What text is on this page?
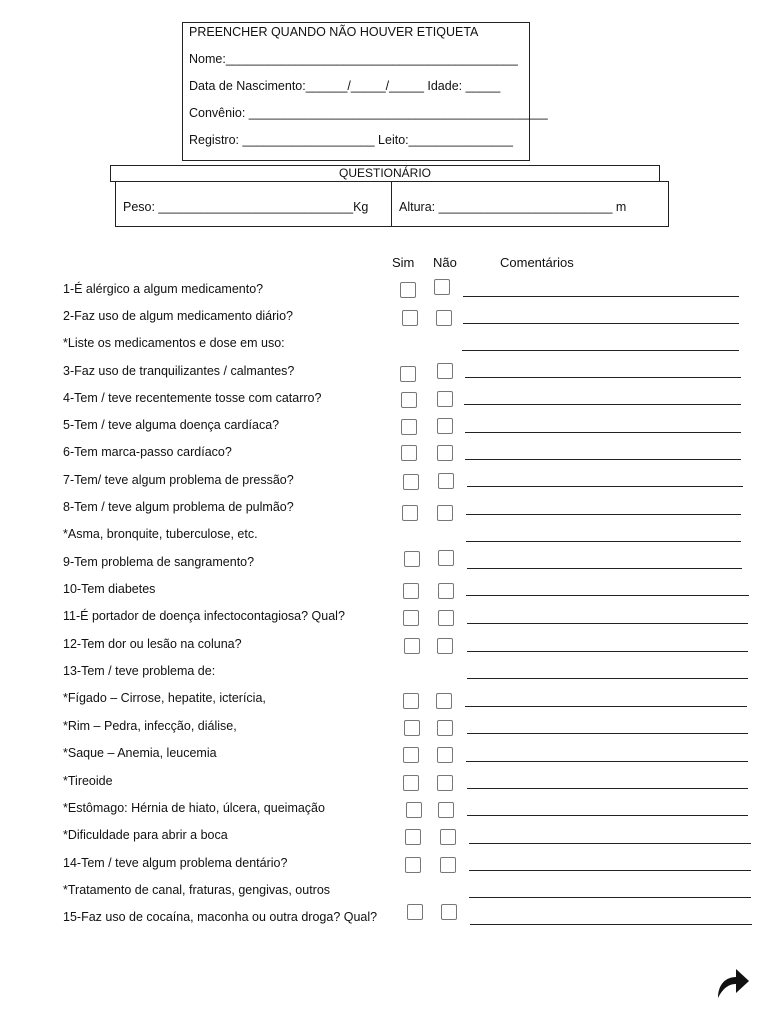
PREENCHER QUANDO NÃO HOUVER ETIQUETA
Nome:__________________________________________
Data de Nascimento:______/_____/_____ Idade: _____
Convênio: ___________________________________________
Registro: ___________________ Leito:_______________
QUESTIONÁRIO
Peso: ____________________________Kg Altura: _________________________ m
Sim Não	Comentários
1-É alérgico a algum medicamento?
2-Faz uso de algum medicamento diário?
*Liste os medicamentos e dose em uso:
3-Faz uso de tranquilizantes / calmantes?
4-Tem / teve recentemente tosse com catarro?
5-Tem / teve alguma doença cardíaca?
6-Tem marca-passo cardíaco?
7-Tem/ teve algum problema de pressão?
8-Tem / teve algum problema de pulmão?
*Asma, bronquite, tuberculose, etc.
9-Tem problema de sangramento?
10-Tem diabetes
11-É portador de doença infectocontagiosa? Qual?
12-Tem dor ou lesão na coluna?
13-Tem / teve problema de:
*Fígado – Cirrose, hepatite, icterícia,
*Rim – Pedra, infecção, diálise,
*Saque – Anemia, leucemia
*Tireoide
*Estômago: Hérnia de hiato, úlcera, queimação
*Dificuldade para abrir a boca
14-Tem / teve algum problema dentário?
*Tratamento de canal, fraturas, gengivas, outros
15-Faz uso de cocaína, maconha ou outra droga? Qual?
